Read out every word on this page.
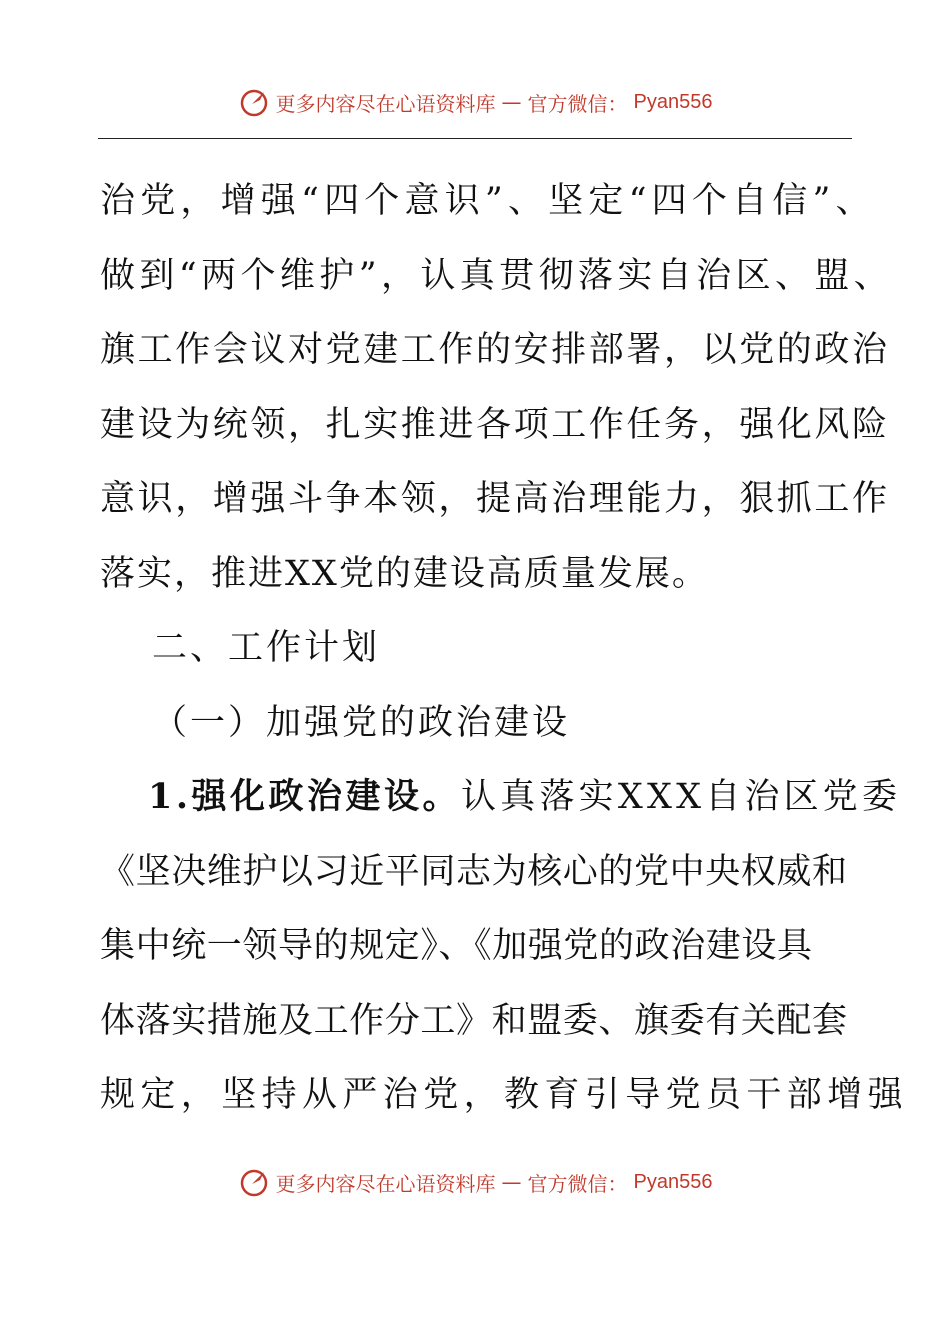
更多内容尽在心语资料库 — 官方微信： Pyan556
治党，增强“四个意识”、坚定“四个自信”、
做到“两个维护”，认真贯彻落实自治区、盟、
旗工作会议对党建工作的安排部署，以党的政治
建设为统领，扎实推进各项工作任务，强化风险
意识，增强斗争本领，提高治理能力，狠抓工作
落实，推进XX党的建设高质量发展。
二、工作计划
（一）加强党的政治建设
1.强化政治建设。 认真落实XXX自治区党委
《坚决维护以习近平同志为核心的党中央权威和
集中统一领导的规定》、《加强党的政治建设具
体落实措施及工作分工》和盟委、旗委有关配套
规定，坚持从严治党，教育引导党员干部增强
更多内容尽在心语资料库 — 官方微信： Pyan556
